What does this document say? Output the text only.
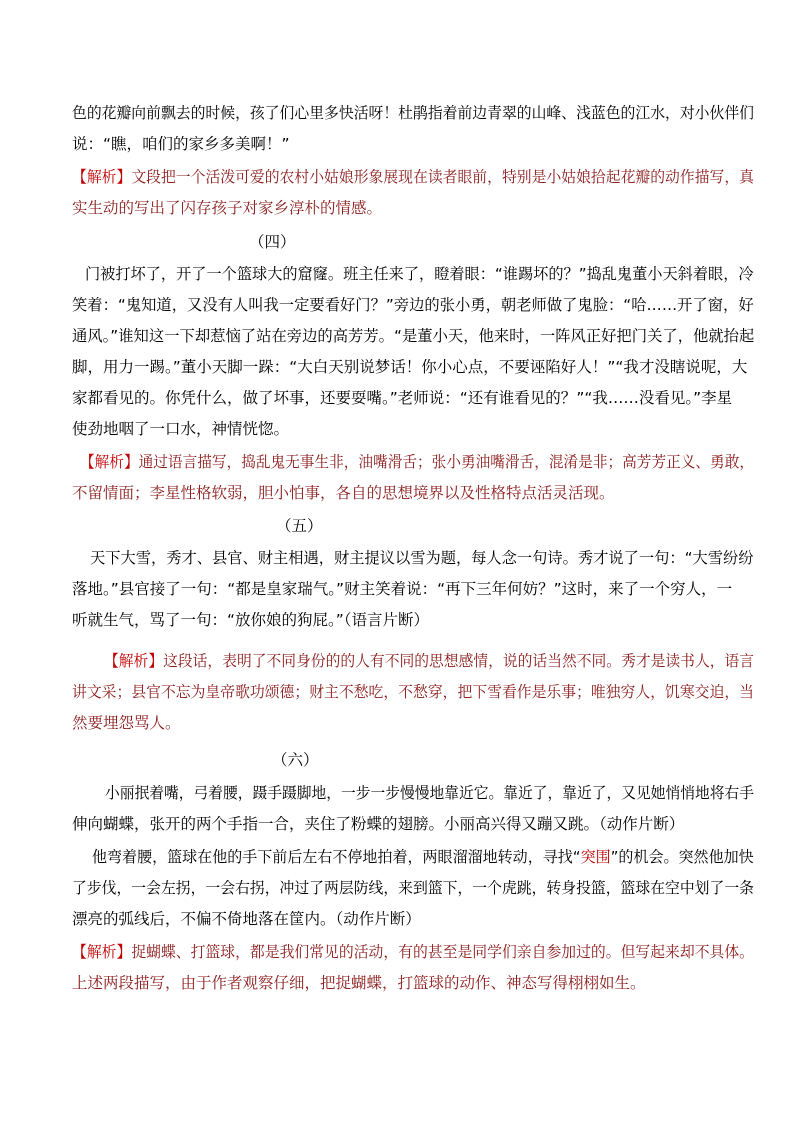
色的花瓣向前飘去的时候，孩了们心里多快活呀！杜鹃指着前边青翠的山峰、浅蓝色的江水，对小伙伴们
说：“瞧，咱们的家乡多美啊！”
【解析】文段把一个活泼可爱的农村小姑娘形象展现在读者眼前，特别是小姑娘拾起花瓣的动作描写，真
实生动的写出了闪存孩子对家乡淳朴的情感。
（四）
门被打坏了，开了一个篮球大的窟窿。班主任来了，瞪着眼：“谁踢坏的？”捣乱鬼董小天斜着眼，冷
笑着：“鬼知道，又没有人叫我一定要看好门？”旁边的张小勇，朝老师做了鬼脸：“哈……开了窗，好
通风。”谁知这一下却惹恼了站在旁边的高芳芳。“是董小天，他来时，一阵风正好把门关了，他就抬起
脚，用力一踢。”董小天脚一跺：“大白天别说梦话！你小心点，不要诬陷好人！”“我才没瞎说呢，大
家都看见的。你凭什么，做了坏事，还要耍嘴。”老师说：“还有谁看见的？”“我……没看见。”李星
使劲地咽了一口水，神情恍惚。
【解析】通过语言描写，捣乱鬼无事生非，油嘴滑舌；张小勇油嘴滑舌，混淆是非；高芳芳正义、勇敢，
不留情面；李星性格软弱，胆小怕事，各自的思想境界以及性格特点活灵活现。
（五）
天下大雪，秀才、县官、财主相遇，财主提议以雪为题，每人念一句诗。秀才说了一句：“大雪纷纷
落地。”县官接了一句：“都是皇家瑞气。”财主笑着说：“再下三年何妨？”这时，来了一个穷人，一
听就生气，骂了一句：“放你娘的狗屁。”（语言片断）
【解析】这段话，表明了不同身份的的人有不同的思想感情，说的话当然不同。秀才是读书人，语言
讲文采；县官不忘为皇帝歌功颂德；财主不愁吃，不愁穿，把下雪看作是乐事；唯独穷人，饥寒交迫，当
然要埋怨骂人。
（六）
小丽抿着嘴，弓着腰，蹑手蹑脚地，一步一步慢慢地靠近它。靠近了，靠近了，又见她悄悄地将右手
伸向蝴蝶，张开的两个手指一合，夹住了粉蝶的翅膀。小丽高兴得又蹦又跳。（动作片断）
他弯着腰，篮球在他的手下前后左右不停地拍着，两眼溜溜地转动，寻找“突围”的机会。突然他加快
了步伐，一会左拐，一会右拐，冲过了两层防线，来到篮下，一个虎跳，转身投篮，篮球在空中划了一条
漂亮的弧线后，不偏不倚地落在筐内。（动作片断）
【解析】捉蝴蝶、打篮球，都是我们常见的活动，有的甚至是同学们亲自参加过的。但写起来却不具体。
上述两段描写，由于作者观察仔细，把捉蝴蝶，打篮球的动作、神态写得栩栩如生。
